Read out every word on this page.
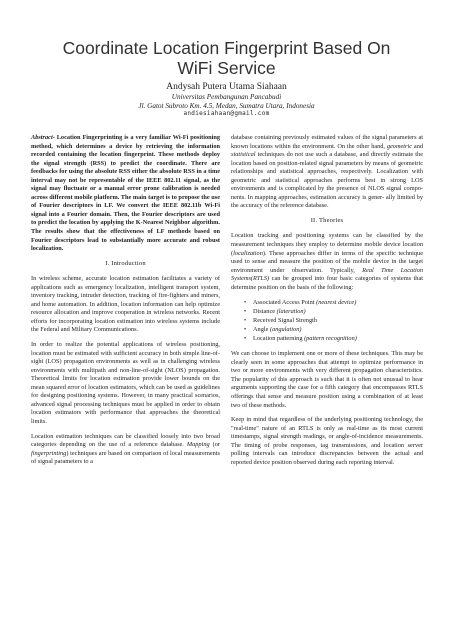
Coordinate Location Fingerprint Based On
WiFi Service
Andysah Putera Utama Siahaan
Universitas Pembangunan Pancabudi
Jl. Gatot Subroto Km. 4.5, Medan, Sumatra Utara, Indonesia
andiesiahaan@gmail.com

Abstract- Location Fingerprinting is a very familiar Wi-Fi positioning method, which determines a device by retrieving the information recorded containing the location fingerprint. These methods deploy the signal strength (RSS) to predict the coordinate. There are feedbacks for using the absolute RSS either the absolute RSS in a time interval may not be representable of the IEEE 802.11 signal, as the signal may fluctuate or a manual error prone calibration is needed across different mobile platform. The main target is to propose the use of Fourier descriptors in LF. We convert the IEEE 802.11b Wi-Fi signal into a Fourier domain. Then, the Fourier descriptors are used to predict the location by applying the K-Nearest Neighbor algorithm. The results show that the effectiveness of LF methods based on Fourier descriptors lead to substantially more accurate and robust localization.

I. Introduction

In wireless scheme, accurate location estimation facilitates a variety of applications such as emergency localization, intelligent transport system, inventory tracking, intruder detection, tracking of fire-fighters and miners, and home automation. In addition, location information can help optimize resource allocation and improve cooperation in wireless networks. Recent efforts for incorporating location estimation into wireless systems include the Federal and Military Communications.

In order to realize the potential applications of wireless positioning, location must be estimated with sufficient accuracy in both simple line-of-sight (LOS) propagation environments as well as in challenging wireless environments with multipath and non-line-of-sight (NLOS) propagation. Theoretical limits for location estimation provide lower bounds on the mean squared error of location estimators, which can be used as guidelines for designing positioning systems. However, in many practical scenarios, advanced signal processing techniques must be applied in order to obtain location estimators with performance that approaches the theoretical limits.

Location estimation techniques can be classified loosely into two broad categories depending on the use of a reference database. Mapping (or fingerprinting) techniques are based on comparison of local measurements of signal parameters to a

database containing previously estimated values of the signal parameters at known locations within the environment. On the other hand, geometric and statistical techniques do not use such a database, and directly estimate the location based on position-related signal parameters by means of geometric relationships and statistical approaches, respectively. Localization with geometric and statistical approaches performs best in strong LOS environments and is complicated by the presence of NLOS signal compo- nents. In mapping approaches, estimation accuracy is gener- ally limited by the accuracy of the reference database.

II. Theories

Location tracking and positioning systems can be classified by the measurement techniques they employ to determine mobile device location (localization). These approaches differ in terms of the specific technique used to sense and measure the position of the mobile device in the target environment under observation. Typically, Real Time Location Systems(RTLS) can be grouped into four basic categories of systems that determine position on the basis of the following:

• Associated Access Point (nearest device)
• Distance (lateration)
• Received Signal Strength
• Angle (angulation)
• Location patterning (pattern recognition)

We can choose to implement one or more of these techniques. This may be clearly seen in some approaches that attempt to optimize performance in two or more environments with very different propagation characteristics. The popularity of this approach is such that it is often not unusual to hear arguments supporting the case for a fifth category that encompasses RTLS offerings that sense and measure position using a combination of at least two of these methods.

Keep in mind that regardless of the underlying positioning technology, the "real-time" nature of an RTLS is only as real-time as its most current timestamps, signal strength readings, or angle-of-incidence measurements. The timing of probe responses, tag transmissions, and location server polling intervals can introduce discrepancies between the actual and reported device position observed during each reporting interval.
